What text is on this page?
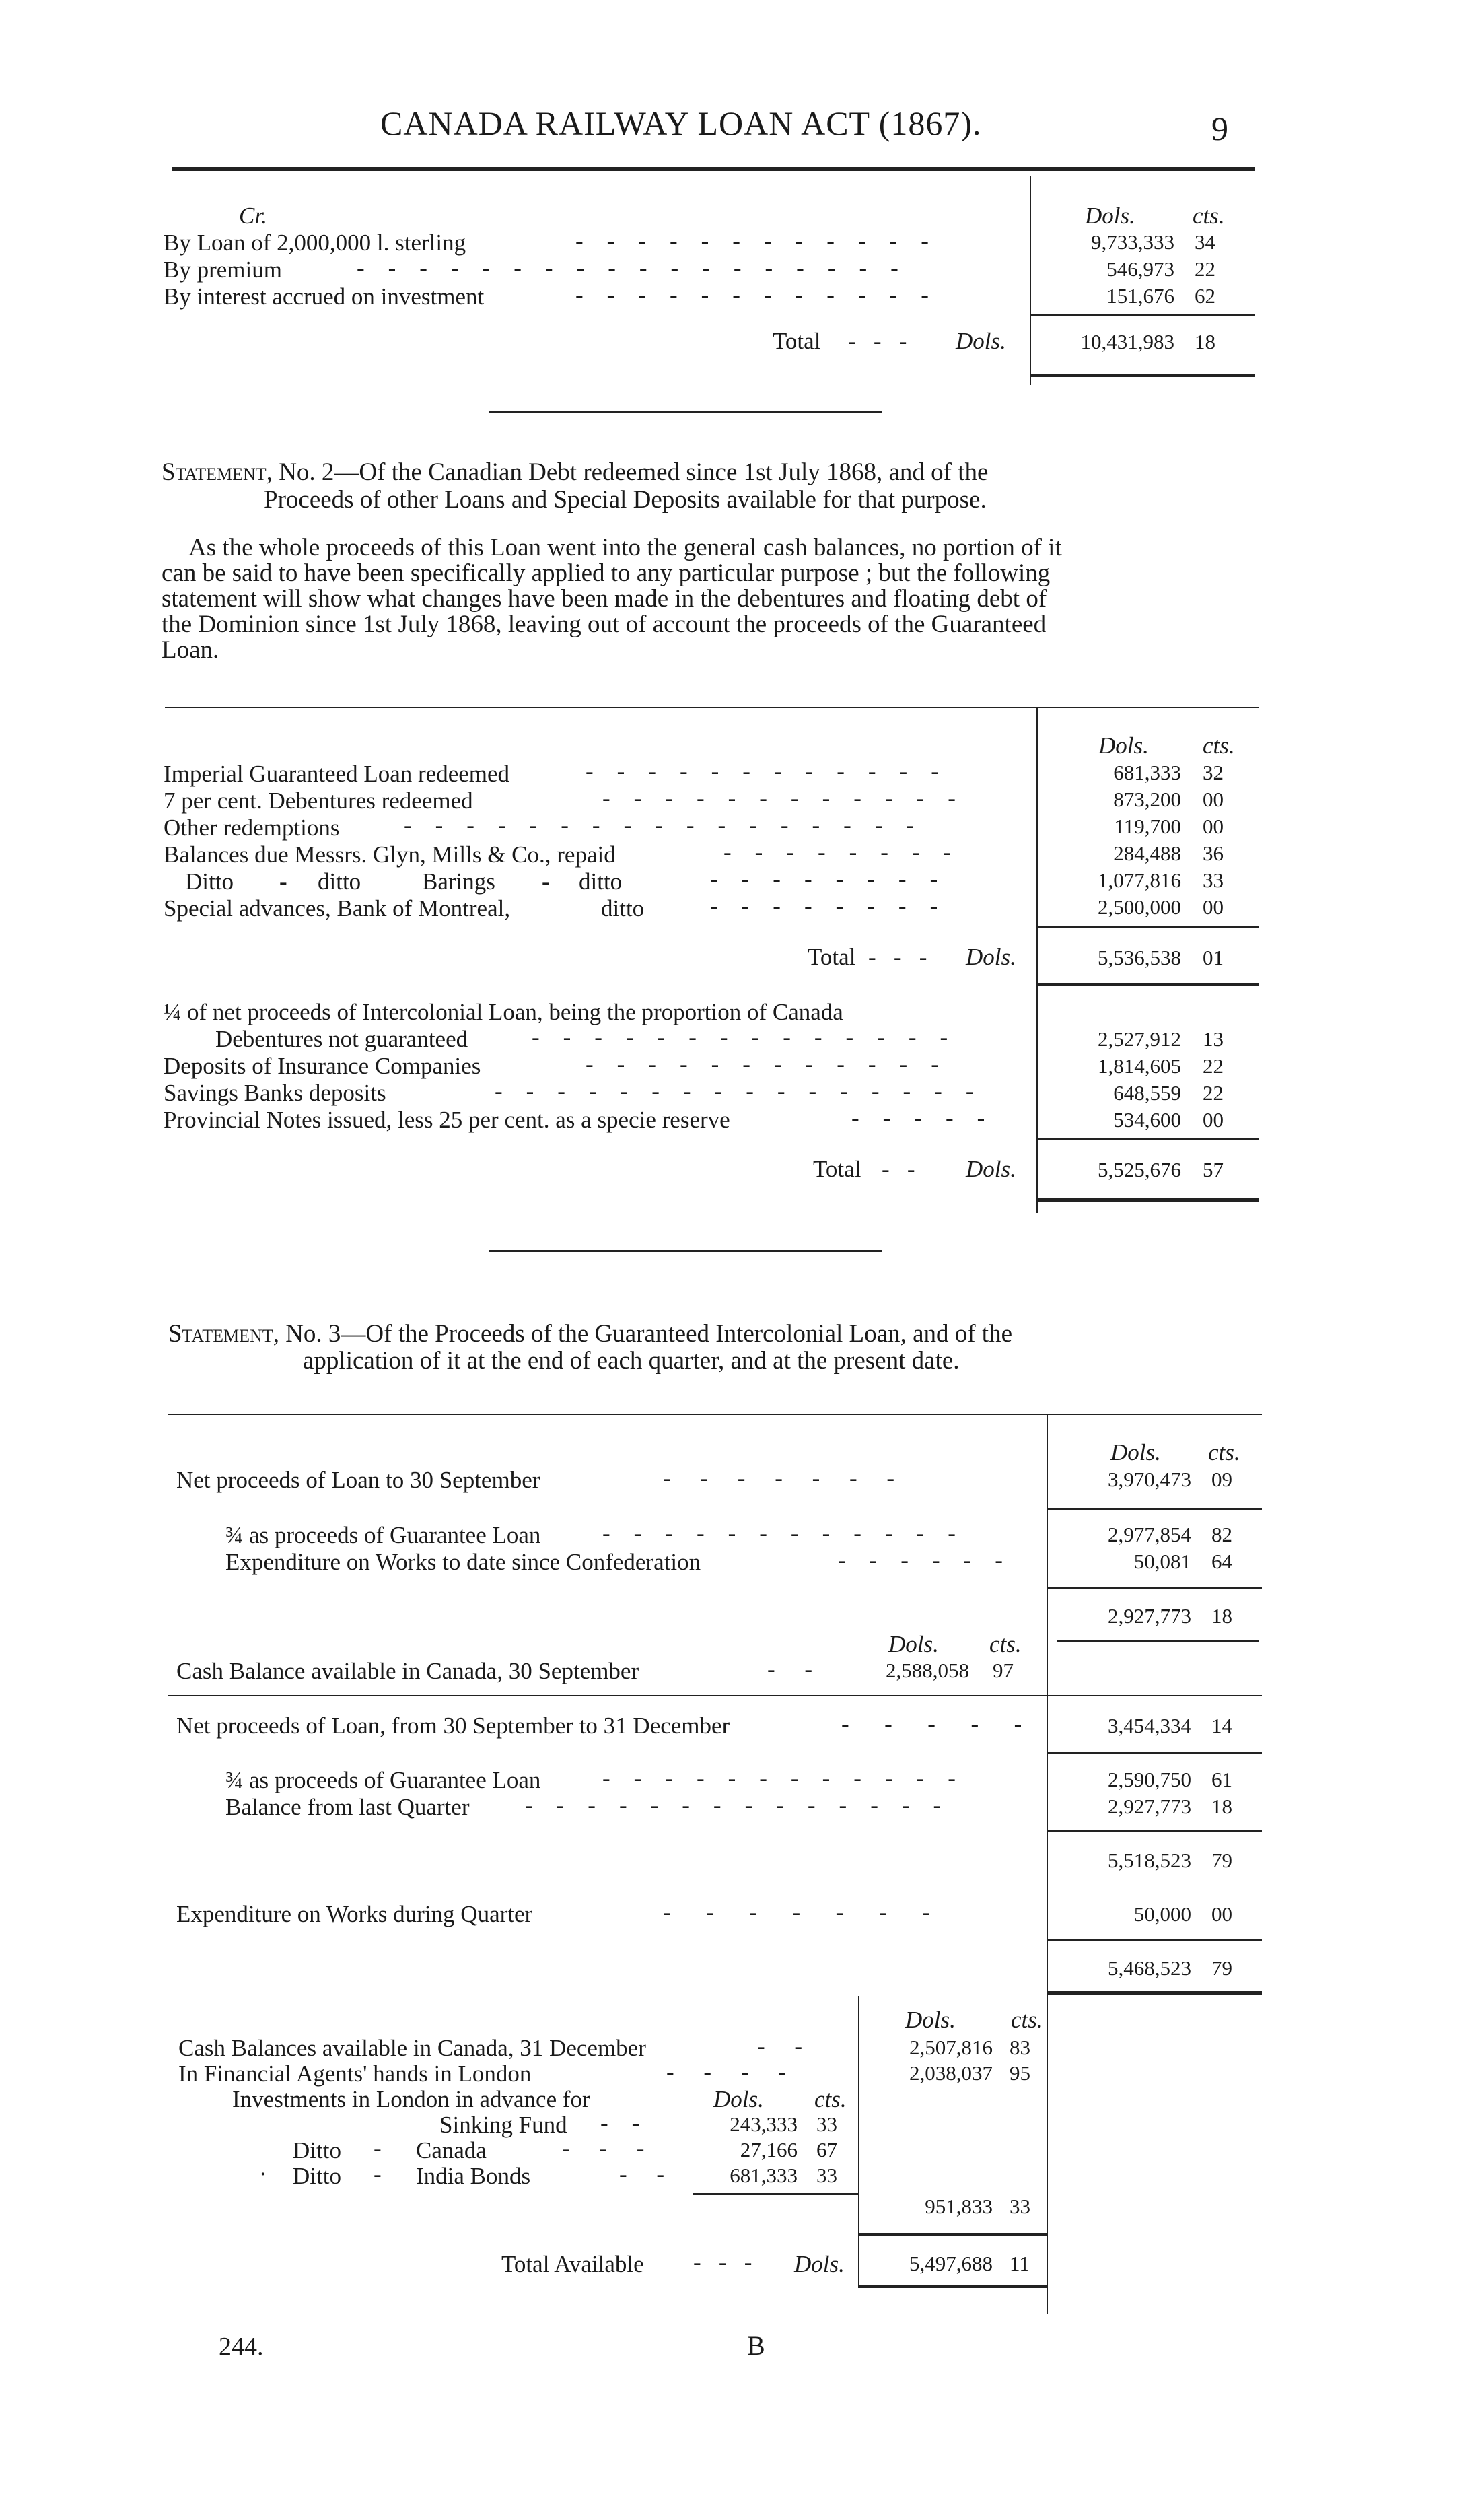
CANADA RAILWAY LOAN ACT (1867).	9
Cr.	Dols. cts.
By Loan of 2,000,000 l. sterling	-    -    -    -    -    -    -    -    -    -    -    -	9,733,333 34
By premium	-    -    -    -    -    -    -    -    -    -    -    -    -    -    -    -    -    -	546,973 22
By interest accrued on investment	-    -    -    -    -    -    -    -    -    -    -    -	151,676 62
Total -   -   - Dols.	10,431,983 18
Statement, No. 2—Of the Canadian Debt redeemed since 1st July 1868, and of the
Proceeds of other Loans and Special Deposits available for that purpose.
As the whole proceeds of this Loan went into the general cash balances, no portion of it
can be said to have been specifically applied to any particular purpose ; but the following
statement will show what changes have been made in the debentures and floating debt of
the Dominion since 1st July 1868, leaving out of account the proceeds of the Guaranteed
Loan.
Dols. cts.
Imperial Guaranteed Loan redeemed	-    -    -    -    -    -    -    -    -    -    -    -	681,333 32
7 per cent. Debentures redeemed	-    -    -    -    -    -    -    -    -    -    -    -	873,200 00
Other redemptions	-    -    -    -    -    -    -    -    -    -    -    -    -    -    -    -    -	119,700 00
Balances due Messrs. Glyn, Mills & Co., repaid	-    -    -    -    -    -    -    -	284,488 36
Ditto - ditto	Barings - ditto	-    -    -    -    -    -    -    -	1,077,816 33
Special advances, Bank of Montreal,	ditto	-    -    -    -    -    -    -    -	2,500,000 00
Total -   -   - Dols.	5,536,538 01
¼ of net proceeds of Intercolonial Loan, being the proportion of Canada
Debentures not guaranteed	-    -    -    -    -    -    -    -    -    -    -    -    -    -	2,527,912 13
Deposits of Insurance Companies	-    -    -    -    -    -    -    -    -    -    -    -	1,814,605 22
Savings Banks deposits	-    -    -    -    -    -    -    -    -    -    -    -    -    -    -    -	648,559 22
Provincial Notes issued, less 25 per cent. as a specie reserve	-    -    -    -    -	534,600 00
Total -   - Dols.	5,525,676 57
Statement, No. 3—Of the Proceeds of the Guaranteed Intercolonial Loan, and of the
application of it at the end of each quarter, and at the present date.
Dols. cts.
Net proceeds of Loan to 30 September	-     -     -     -     -     -     -	3,970,473 09
¾ as proceeds of Guarantee Loan	-    -    -    -    -    -    -    -    -    -    -    -	2,977,854 82
Expenditure on Works to date since Confederation	-    -    -    -    -    -	50,081 64
2,927,773 18
Dols. cts.
Cash Balance available in Canada, 30 September	-     -	2,588,058 97
Net proceeds of Loan, from 30 September to 31 December	-      -      -      -      -	3,454,334 14
¾ as proceeds of Guarantee Loan	-    -    -    -    -    -    -    -    -    -    -    -	2,590,750 61
Balance from last Quarter -    -    -    -    -    -    -    -    -    -    -    -    -    -	2,927,773 18
5,518,523 79
Expenditure on Works during Quarter	-      -      -      -      -      -      -	50,000 00
5,468,523 79
Dols. cts.
Cash Balances available in Canada, 31 December	-     -	2,507,816 83
In Financial Agents' hands in London	-     -     -     -	2,038,037 95
Investments in London in advance for	Dols. cts.
Sinking Fund -    -	243,333 33
Ditto - Canada	-     -     -	27,166 67
· Ditto - India Bonds	-     -	681,333 33
951,833 33
Total Available -   -   - Dols.	5,497,688 11
244.	B
